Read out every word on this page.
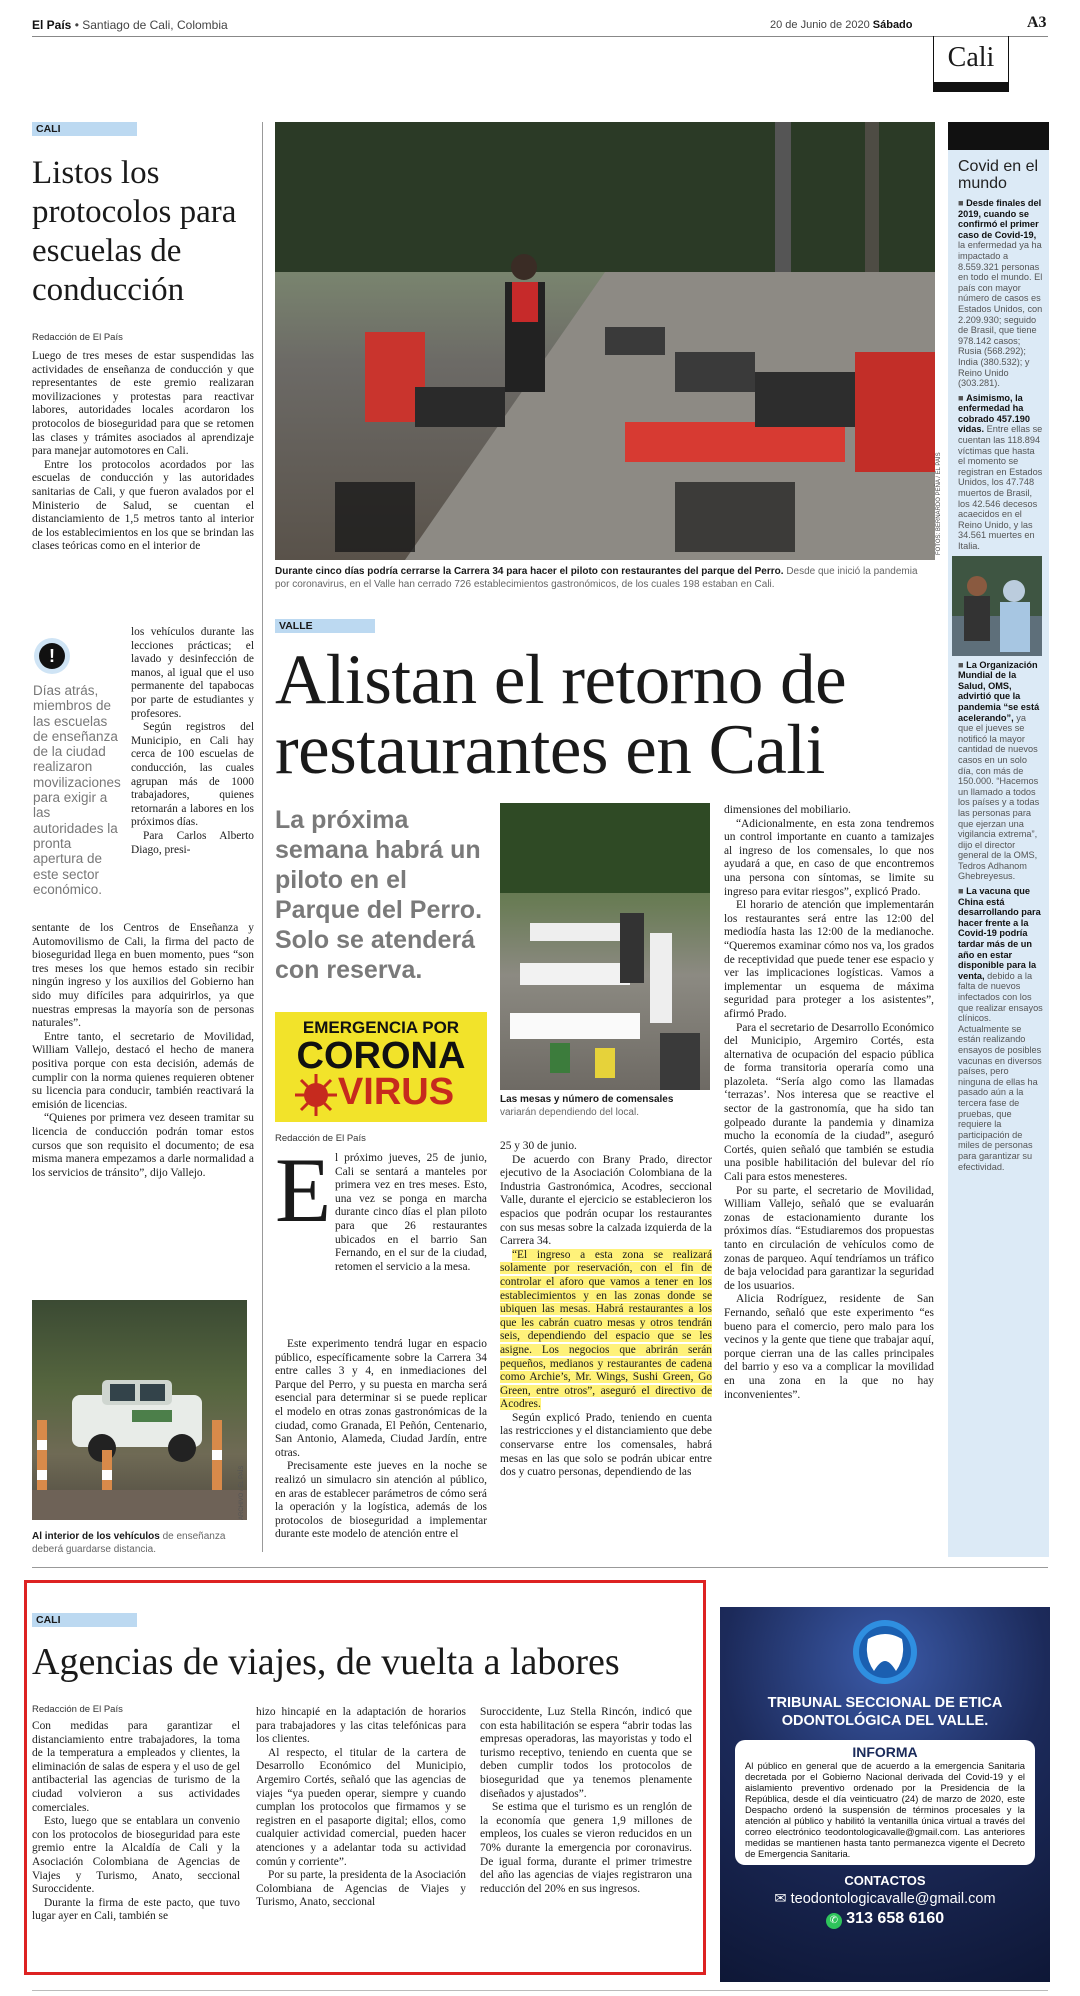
El País • Santiago de Cali, Colombia	20 de Junio de 2020 Sábado	A3
Cali
CALI
Listos los protocolos para escuelas de conducción
Redacción de El País

Luego de tres meses de estar suspendidas las actividades de enseñanza de conducción y que representantes de este gremio realizaran movilizaciones y protestas para reactivar labores, autoridades locales acordaron los protocolos de bioseguridad para que se retomen las clases y trámites asociados al aprendizaje para manejar automotores en Cali.

Entre los protocolos acordados por las escuelas de conducción y las autoridades sanitarias de Cali, y que fueron avalados por el Ministerio de Salud, se cuentan el distanciamiento de 1,5 metros tanto al interior de los establecimientos en los que se brindan las clases teóricas como en el interior de

los vehículos durante las lecciones prácticas; el lavado y desinfección de manos, al igual que el uso permanente del tapabocas por parte de estudiantes y profesores.

Según registros del Municipio, en Cali hay cerca de 100 escuelas de conducción, las cuales agrupan más de 1000 trabajadores, quienes retornarán a labores en los próximos días.

Para Carlos Alberto Diago, presi-

sentante de los Centros de Enseñanza y Automovilismo de Cali, la firma del pacto de bioseguridad llega en buen momento, pues “son tres meses los que hemos estado sin recibir ningún ingreso y los auxilios del Gobierno han sido muy difíciles para adquirirlos, ya que nuestras empresas la mayoría son de personas naturales”.

Entre tanto, el secretario de Movilidad, William Vallejo, destacó el hecho de manera positiva porque con esta decisión, además de cumplir con la norma quienes requieren obtener su licencia para conducir, también reactivará la emisión de licencias.

“Quienes por primera vez deseen tramitar su licencia de conducción podrán tomar estos cursos que son requisito el documento; de esa misma manera empezamos a darle normalidad a los servicios de tránsito”, dijo Vallejo.

!
Días atrás, miembros de las escuelas de enseñanza de la ciudad realizaron movilizaciones para exigir a las autoridades la pronta apertura de este sector económico.
ARCHIVO / EL PAÍS
Al interior de los vehículos de enseñanza deberá guardarse distancia.
FOTOS: BERNARDO PEÑA / EL PAÍS
Durante cinco días podría cerrarse la Carrera 34 para hacer el piloto con restaurantes del parque del Perro. Desde que inició la pandemia por coronavirus, en el Valle han cerrado 726 establecimientos gastronómicos, de los cuales 198 estaban en Cali.
VALLE
Alistan el retorno de restaurantes en Cali
La próxima semana habrá un piloto en el Parque del Perro. Solo se atenderá con reserva.
EMERGENCIA POR
CORONA
VIRUS
Redacción de El País
Las mesas y número de comensales
variarán dependiendo del local.
E l próximo jueves, 25 de junio, Cali se sentará a manteles por primera vez en tres meses. Esto, una vez se ponga en marcha durante cinco días el plan piloto para que 26 restaurantes ubicados en el barrio San Fernando, en el sur de la ciudad, retomen el servicio a la mesa.

Este experimento tendrá lugar en espacio público, específicamente sobre la Carrera 34 entre calles 3 y 4, en inmediaciones del Parque del Perro, y su puesta en marcha será esencial para determinar si se puede replicar el modelo en otras zonas gastronómicas de la ciudad, como Granada, El Peñón, Centenario, San Antonio, Alameda, Ciudad Jardín, entre otras.

Precisamente este jueves en la noche se realizó un simulacro sin atención al público, en aras de establecer parámetros de cómo será la operación y la logística, además de los protocolos de bioseguridad a implementar durante este modelo de atención entre el

25 y 30 de junio.

De acuerdo con Brany Prado, director ejecutivo de la Asociación Colombiana de la Industria Gastronómica, Acodres, seccional Valle, durante el ejercicio se establecieron los espacios que podrán ocupar los restaurantes con sus mesas sobre la calzada izquierda de la Carrera 34.

“El ingreso a esta zona se realizará solamente por reservación, con el fin de controlar el aforo que vamos a tener en los establecimientos y en las zonas donde se ubiquen las mesas. Habrá restaurantes a los que les cabrán cuatro mesas y otros tendrán seis, dependiendo del espacio que se les asigne. Los negocios que abrirán serán pequeños, medianos y restaurantes de cadena como Archie’s, Mr. Wings, Sushi Green, Go Green, entre otros”, aseguró el directivo de Acodres.

Según explicó Prado, teniendo en cuenta las restricciones y el distanciamiento que debe conservarse entre los comensales, habrá mesas en las que solo se podrán ubicar entre dos y cuatro personas, dependiendo de las

dimensiones del mobiliario.

“Adicionalmente, en esta zona tendremos un control importante en cuanto a tamizajes al ingreso de los comensales, lo que nos ayudará a que, en caso de que encontremos una persona con síntomas, se limite su ingreso para evitar riesgos”, explicó Prado.

El horario de atención que implementarán los restaurantes será entre las 12:00 del mediodía hasta las 12:00 de la medianoche. “Queremos examinar cómo nos va, los grados de receptividad que puede tener ese espacio y ver las implicaciones logísticas. Vamos a implementar un esquema de máxima seguridad para proteger a los asistentes”, afirmó Prado.

Para el secretario de Desarrollo Económico del Municipio, Argemiro Cortés, esta alternativa de ocupación del espacio pública de forma transitoria operaría como una plazoleta. “Sería algo como las llamadas ‘terrazas’. Nos interesa que se reactive el sector de la gastronomía, que ha sido tan golpeado durante la pandemia y dinamiza mucho la economía de la ciudad”, aseguró Cortés, quien señaló que también se estudia una posible habilitación del bulevar del río Cali para estos menesteres.

Por su parte, el secretario de Movilidad, William Vallejo, señaló que se evaluarán zonas de estacionamiento durante los próximos días. “Estudiaremos dos propuestas tanto en circulación de vehículos como de zonas de parqueo. Aquí tendríamos un tráfico de baja velocidad para garantizar la seguridad de los usuarios.

Alicia Rodríguez, residente de San Fernando, señaló que este experimento “es bueno para el comercio, pero malo para los vecinos y la gente que tiene que trabajar aquí, porque cierran una de las calles principales del barrio y eso va a complicar la movilidad en una zona en la que no hay inconvenientes”.

Covid en el mundo

■ Desde finales del 2019, cuando se confirmó el primer caso de Covid-19, la enfermedad ya ha impactado a 8.559.321 personas en todo el mundo. El país con mayor número de casos es Estados Unidos, con 2.209.930; seguido de Brasil, que tiene 978.142 casos; Rusia (568.292); India (380.532); y Reino Unido (303.281).

■ Asimismo, la enfermedad ha cobrado 457.190 vidas. Entre ellas se cuentan las 118.894 víctimas que hasta el momento se registran en Estados Unidos, los 47.748 muertos de Brasil, los 42.546 decesos acaecidos en el Reino Unido, y las 34.561 muertes en Italia.

■ La Organización Mundial de la Salud, OMS, advirtió que la pandemia “se está acelerando”, ya que el jueves se notificó la mayor cantidad de nuevos casos en un solo día, con más de 150.000. “Hacemos un llamado a todos los países y a todas las personas para que ejerzan una vigilancia extrema”, dijo el director general de la OMS, Tedros Adhanom Ghebreyesus.

■ La vacuna que China está desarrollando para hacer frente a la Covid-19 podría tardar más de un año en estar disponible para la venta, debido a la falta de nuevos infectados con los que realizar ensayos clínicos. Actualmente se están realizando ensayos de posibles vacunas en diversos países, pero ninguna de ellas ha pasado aún a la tercera fase de pruebas, que requiere la participación de miles de personas para garantizar su efectividad.

CALI
Agencias de viajes, de vuelta a labores
Redacción de El País

Con medidas para garantizar el distanciamiento entre trabajadores, la toma de la temperatura a empleados y clientes, la eliminación de salas de espera y el uso de gel antibacterial las agencias de turismo de la ciudad volvieron a sus actividades comerciales.

Esto, luego que se entablara un convenio con los protocolos de bioseguridad para este gremio entre la Alcaldía de Cali y la Asociación Colombiana de Agencias de Viajes y Turismo, Anato, seccional Suroccidente.

Durante la firma de este pacto, que tuvo lugar ayer en Cali, también se

hizo hincapié en la adaptación de horarios para trabajadores y las citas telefónicas para los clientes.

Al respecto, el titular de la cartera de Desarrollo Económico del Municipio, Argemiro Cortés, señaló que las agencias de viajes “ya pueden operar, siempre y cuando cumplan los protocolos que firmamos y se registren en el pasaporte digital; ellos, como cualquier actividad comercial, pueden hacer atenciones y a adelantar toda su actividad común y corriente”.

Por su parte, la presidenta de la Asociación Colombiana de Agencias de Viajes y Turismo, Anato, seccional

Suroccidente, Luz Stella Rincón, indicó que con esta habilitación se espera “abrir todas las empresas operadoras, las mayoristas y todo el turismo receptivo, teniendo en cuenta que se deben cumplir todos los protocolos de bioseguridad que ya tenemos plenamente diseñados y ajustados”.

Se estima que el turismo es un renglón de la economía que genera 1,9 millones de empleos, los cuales se vieron reducidos en un 70% durante la emergencia por coronavirus. De igual forma, durante el primer trimestre del año las agencias de viajes registraron una reducción del 20% en sus ingresos.

TRIBUNAL SECCIONAL DE ETICA
ODONTOLÓGICA DEL VALLE.
INFORMA
Al público en general que de acuerdo a la emergencia Sanitaria decretada por el Gobierno Nacional derivada del Covid-19 y el aislamiento preventivo ordenado por la Presidencia de la República, desde el día veinticuatro (24) de marzo de 2020, este Despacho ordenó la suspensión de términos procesales y la atención al público y habilitó la ventanilla única virtual a través del correo electrónico teodontologicavalle@gmail.com. Las anteriores medidas se mantienen hasta tanto permanezca vigente el Decreto de Emergencia Sanitaria.
CONTACTOS
✉ teodontologicavalle@gmail.com
✆ 313 658 6160
